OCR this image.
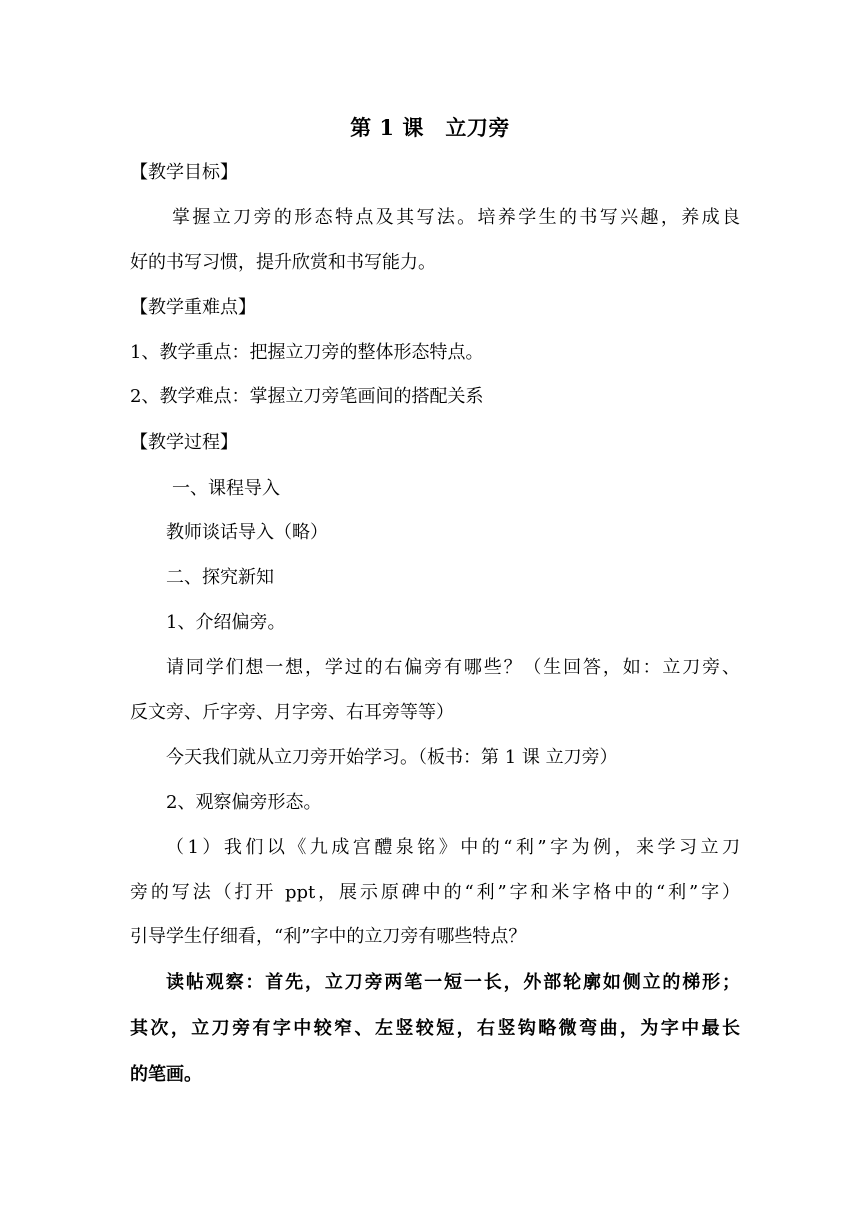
第 1 课　立刀旁
【教学目标】
掌握立刀旁的形态特点及其写法。培养学生的书写兴趣，养成良
好的书写习惯，提升欣赏和书写能力。
【教学重难点】
1、教学重点：把握立刀旁的整体形态特点。
2、教学难点：掌握立刀旁笔画间的搭配关系
【教学过程】
一、课程导入
教师谈话导入（略）
二、探究新知
1、介绍偏旁。
请同学们想一想，学过的右偏旁有哪些？（生回答，如：立刀旁、
反文旁、斤字旁、月字旁、右耳旁等等）
今天我们就从立刀旁开始学习。（板书：第 1 课 立刀旁）
2、观察偏旁形态。
（1）我们以《九成宫醴泉铭》中的“利”字为例，来学习立刀
旁的写法（打开 ppt，展示原碑中的“利”字和米字格中的“利”字）
引导学生仔细看，“利”字中的立刀旁有哪些特点？
读帖观察：首先，立刀旁两笔一短一长，外部轮廓如侧立的梯形；
其次，立刀旁有字中较窄、左竖较短，右竖钩略微弯曲，为字中最长
的笔画。
